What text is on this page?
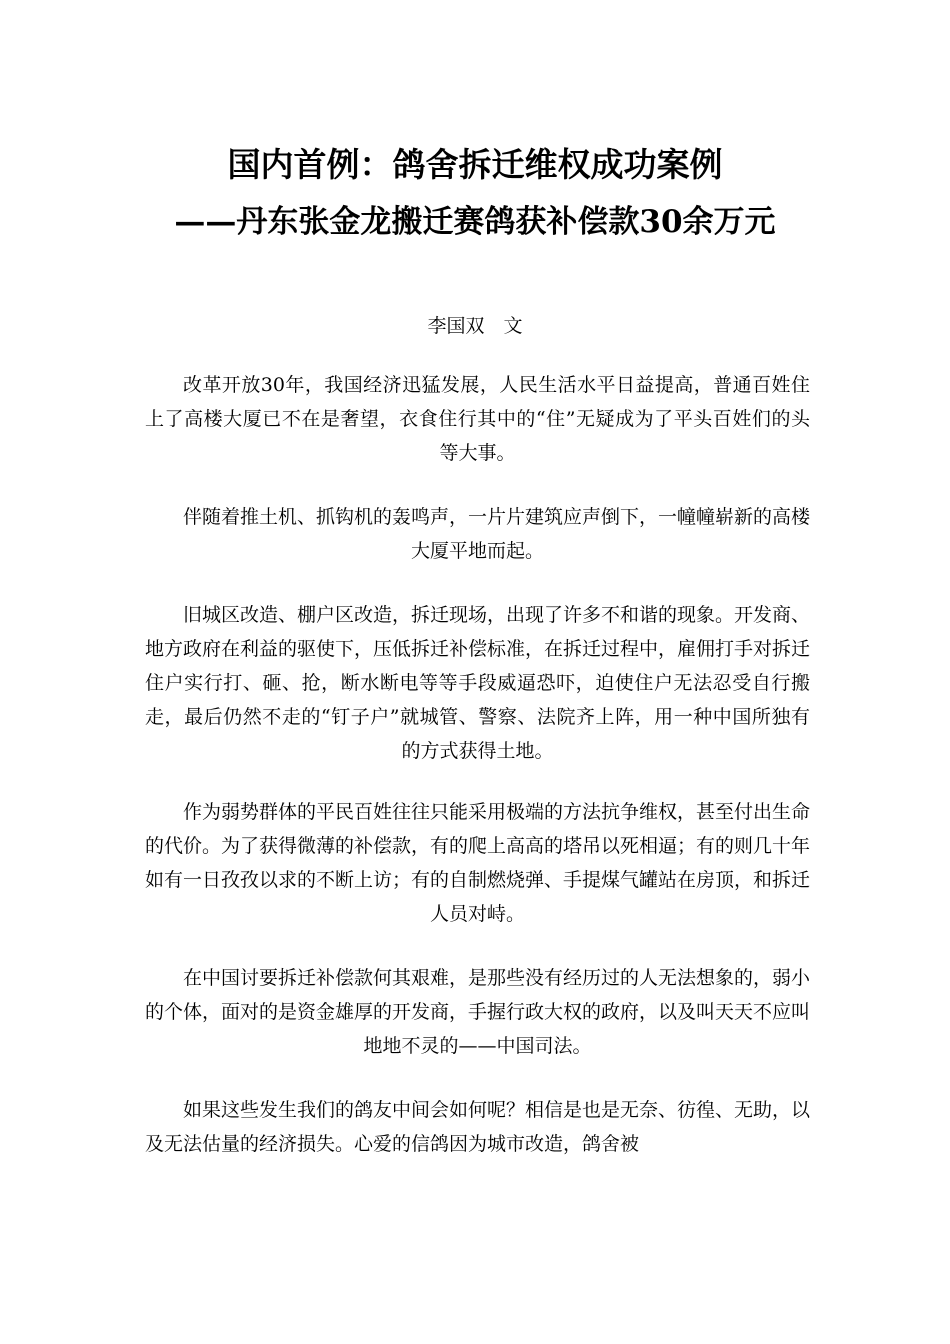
国内首例：鸽舍拆迁维权成功案例
——丹东张金龙搬迁赛鸽获补偿款30余万元

李国双　文

改革开放30年，我国经济迅猛发展，人民生活水平日益提高，普通百姓住上了高楼大厦已不在是奢望，衣食住行其中的“住”无疑成为了平头百姓们的头等大事。

伴随着推土机、抓钩机的轰鸣声，一片片建筑应声倒下，一幢幢崭新的高楼大厦平地而起。

旧城区改造、棚户区改造，拆迁现场，出现了许多不和谐的现象。开发商、地方政府在利益的驱使下，压低拆迁补偿标准，在拆迁过程中，雇佣打手对拆迁住户实行打、砸、抢，断水断电等等手段威逼恐吓，迫使住户无法忍受自行搬走，最后仍然不走的“钉子户”就城管、警察、法院齐上阵，用一种中国所独有的方式获得土地。

作为弱势群体的平民百姓往往只能采用极端的方法抗争维权，甚至付出生命的代价。为了获得微薄的补偿款，有的爬上高高的塔吊以死相逼；有的则几十年如有一日孜孜以求的不断上访；有的自制燃烧弹、手提煤气罐站在房顶，和拆迁人员对峙。

在中国讨要拆迁补偿款何其艰难，是那些没有经历过的人无法想象的，弱小的个体，面对的是资金雄厚的开发商，手握行政大权的政府，以及叫天天不应叫地地不灵的——中国司法。

如果这些发生我们的鸽友中间会如何呢？相信是也是无奈、彷徨、无助，以及无法估量的经济损失。心爱的信鸽因为城市改造，鸽舍被
